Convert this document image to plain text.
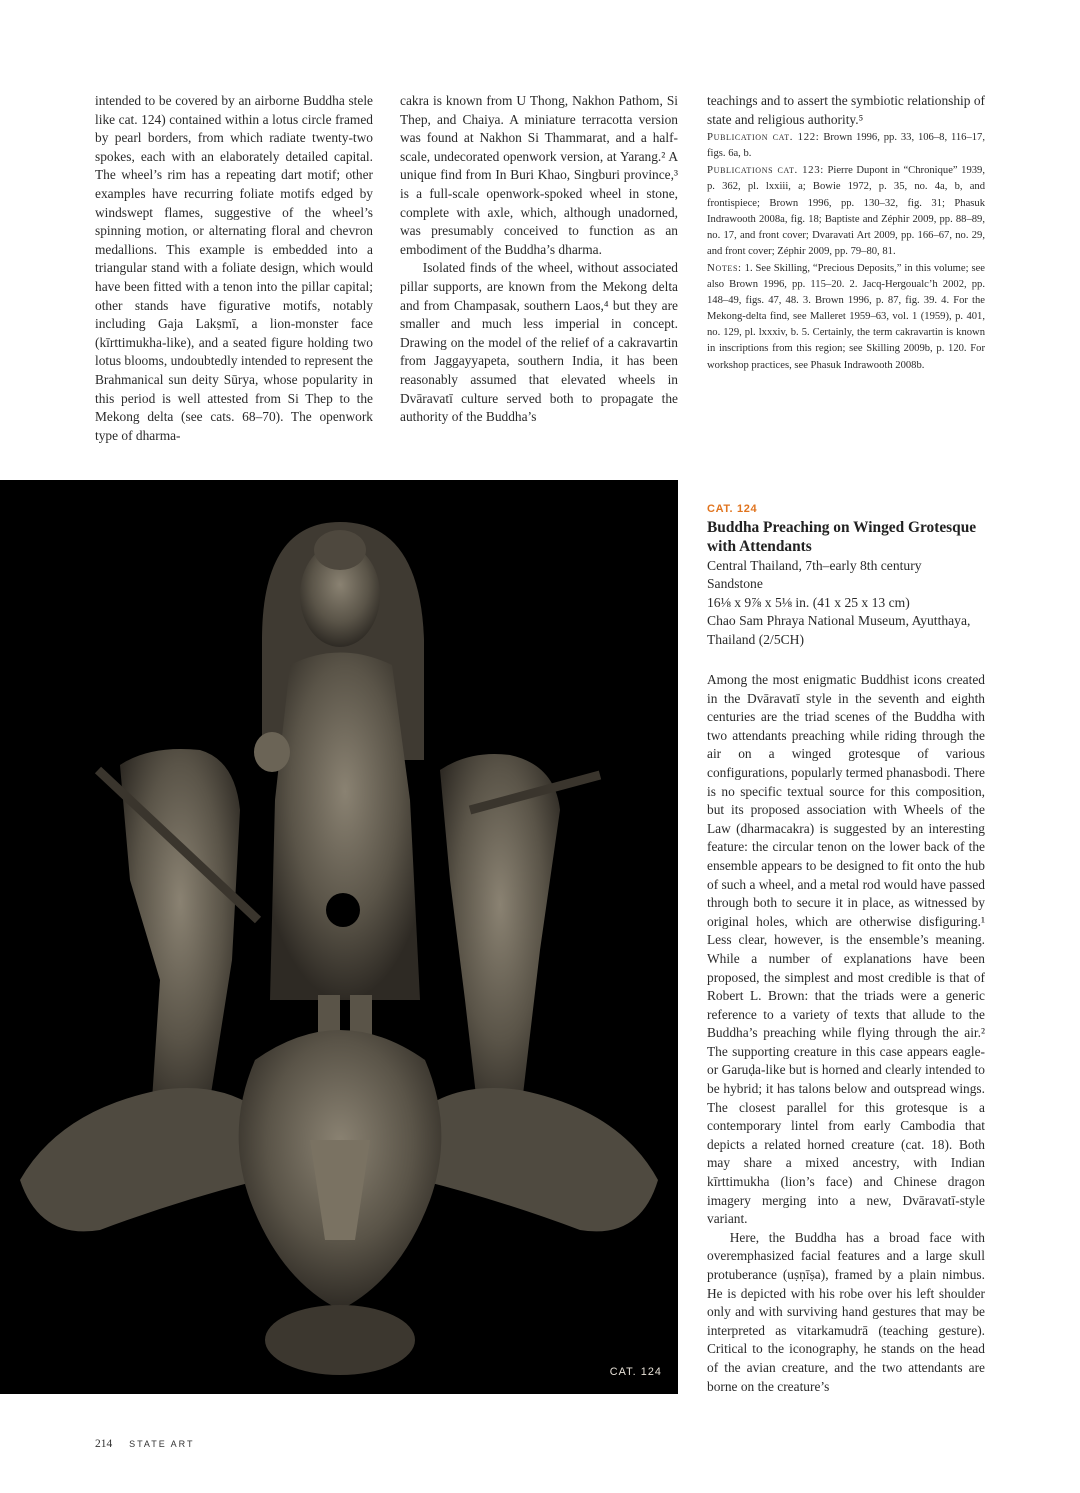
intended to be covered by an airborne Buddha stele like cat. 124) contained within a lotus circle framed by pearl borders, from which radiate twenty-two spokes, each with an elaborately detailed capital. The wheel’s rim has a repeating dart motif; other examples have recurring foliate motifs edged by windswept flames, suggestive of the wheel’s spinning motion, or alternating floral and chevron medallions. This example is embedded into a triangular stand with a foliate design, which would have been fitted with a tenon into the pillar capital; other stands have figurative motifs, notably including Gaja Lakṣmī, a lion-monster face (kīrttimukha-like), and a seated figure holding two lotus blooms, undoubtedly intended to represent the Brahmanical sun deity Sūrya, whose popularity in this period is well attested from Si Thep to the Mekong delta (see cats. 68–70). The openwork type of dharma-

cakra is known from U Thong, Nakhon Pathom, Si Thep, and Chaiya. A miniature terracotta version was found at Nakhon Si Thammarat, and a half-scale, undecorated openwork version, at Yarang.² A unique find from In Buri Khao, Singburi province,³ is a full-scale openwork-spoked wheel in stone, complete with axle, which, although unadorned, was presumably conceived to function as an embodiment of the Buddha’s dharma.

Isolated finds of the wheel, without associated pillar supports, are known from the Mekong delta and from Champasak, southern Laos,⁴ but they are smaller and much less imperial in concept. Drawing on the model of the relief of a cakravartin from Jaggayyapeta, southern India, it has been reasonably assumed that elevated wheels in Dvāravatī culture served both to propagate the authority of the Buddha’s

teachings and to assert the symbiotic relationship of state and religious authority.⁵

Publication cat. 122: Brown 1996, pp. 33, 106–8, 116–17, figs. 6a, b.

Publications cat. 123: Pierre Dupont in “Chronique” 1939, p. 362, pl. lxxiii, a; Bowie 1972, p. 35, no. 4a, b, and frontispiece; Brown 1996, pp. 130–32, fig. 31; Phasuk Indrawooth 2008a, fig. 18; Baptiste and Zéphir 2009, pp. 88–89, no. 17, and front cover; Dvaravati Art 2009, pp. 166–67, no. 29, and front cover; Zéphir 2009, pp. 79–80, 81.

Notes: 1. See Skilling, “Precious Deposits,” in this volume; see also Brown 1996, pp. 115–20. 2. Jacq-Hergoualc’h 2002, pp. 148–49, figs. 47, 48. 3. Brown 1996, p. 87, fig. 39. 4. For the Mekong-delta find, see Malleret 1959–63, vol. 1 (1959), p. 401, no. 129, pl. lxxxiv, b. 5. Certainly, the term cakravartin is known in inscriptions from this region; see Skilling 2009b, p. 120. For workshop practices, see Phasuk Indrawooth 2008b.

CAT. 124

CAT. 124

Buddha Preaching on Winged Grotesque with Attendants

Central Thailand, 7th–early 8th century

Sandstone

16⅛ x 9⅞ x 5⅛ in. (41 x 25 x 13 cm)

Chao Sam Phraya National Museum, Ayutthaya, Thailand (2/5CH)

Among the most enigmatic Buddhist icons created in the Dvāravatī style in the seventh and eighth centuries are the triad scenes of the Buddha with two attendants preaching while riding through the air on a winged grotesque of various configurations, popularly termed phanasbodi. There is no specific textual source for this composition, but its proposed association with Wheels of the Law (dharmacakra) is suggested by an interesting feature: the circular tenon on the lower back of the ensemble appears to be designed to fit onto the hub of such a wheel, and a metal rod would have passed through both to secure it in place, as witnessed by original holes, which are otherwise disfiguring.¹ Less clear, however, is the ensemble’s meaning. While a number of explanations have been proposed, the simplest and most credible is that of Robert L. Brown: that the triads were a generic reference to a variety of texts that allude to the Buddha’s preaching while flying through the air.² The supporting creature in this case appears eagle- or Garuḍa-like but is horned and clearly intended to be hybrid; it has talons below and outspread wings. The closest parallel for this grotesque is a contemporary lintel from early Cambodia that depicts a related horned creature (cat. 18). Both may share a mixed ancestry, with Indian kīrttimukha (lion’s face) and Chinese dragon imagery merging into a new, Dvāravatī-style variant.

Here, the Buddha has a broad face with overemphasized facial features and a large skull protuberance (uṣṇīṣa), framed by a plain nimbus. He is depicted with his robe over his left shoulder only and with surviving hand gestures that may be interpreted as vitarkamudrā (teaching gesture). Critical to the iconography, he stands on the head of the avian creature, and the two attendants are borne on the creature’s

214 STATE ART
